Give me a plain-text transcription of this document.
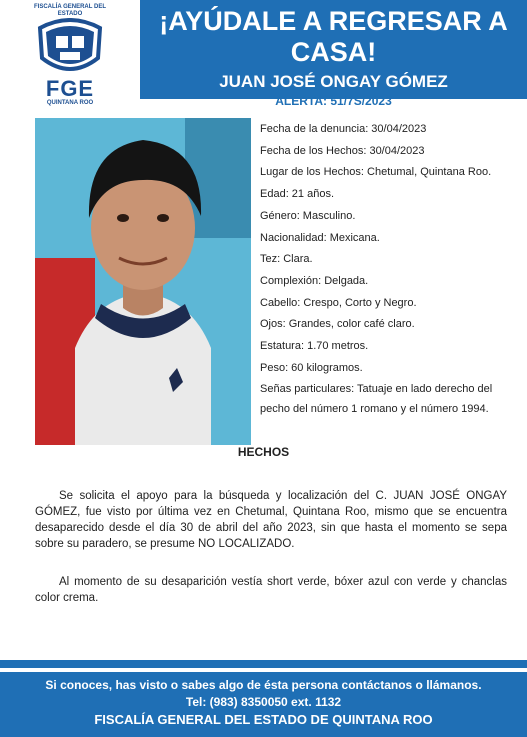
FISCALÍA GENERAL DEL ESTADO
FGE
QUINTANA ROO
¡AYÚDALE A REGRESAR A CASA!
JUAN JOSÉ ONGAY GÓMEZ
ALERTA: 51/7S/2023
Fecha de la denuncia: 30/04/2023
Fecha de los Hechos: 30/04/2023
Lugar de los Hechos: Chetumal, Quintana Roo.
Edad: 21 años.
Género: Masculino.
Nacionalidad: Mexicana.
Tez: Clara.
Complexión: Delgada.
Cabello: Crespo, Corto y Negro.
Ojos: Grandes, color café claro.
Estatura: 1.70 metros.
Peso: 60 kilogramos.
Señas particulares: Tatuaje en lado derecho del pecho del número 1 romano y el número 1994.
HECHOS
Se solicita el apoyo para la búsqueda y localización del C. JUAN JOSÉ ONGAY GÓMEZ, fue visto por última vez en Chetumal, Quintana Roo, mismo que se encuentra desaparecido desde el día 30 de abril del año 2023, sin que hasta el momento se sepa sobre su paradero, se presume NO LOCALIZADO.
Al momento de su desaparición vestía short verde, bóxer azul con verde y chanclas color crema.
Si conoces, has visto o sabes algo de ésta persona contáctanos o llámanos.
Tel: (983) 8350050 ext. 1132
FISCALÍA GENERAL DEL ESTADO DE QUINTANA ROO
